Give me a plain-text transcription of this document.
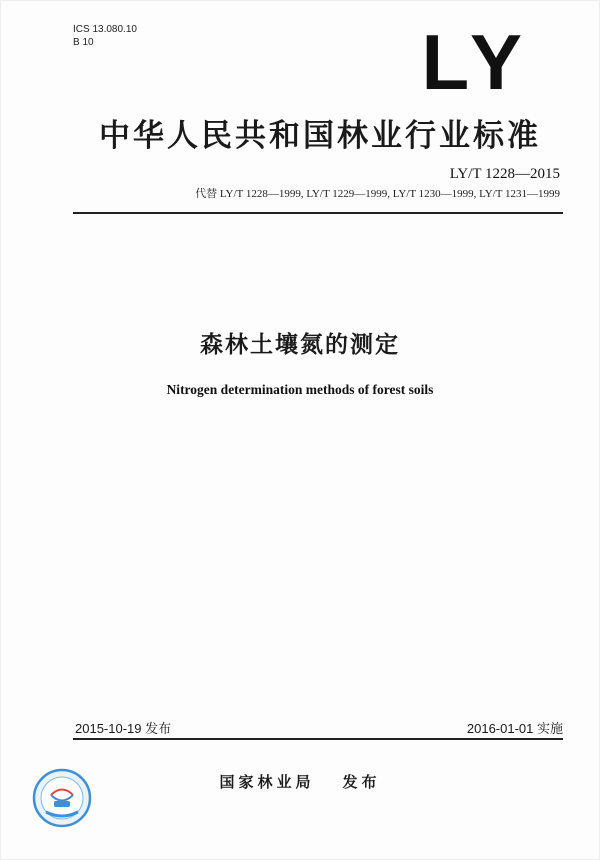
ICS 13.080.10
B 10	LY
中华人民共和国林业行业标准
LY/T 1228—2015
代替 LY/T 1228—1999, LY/T 1229—1999, LY/T 1230—1999, LY/T 1231—1999
森林土壤氮的测定
Nitrogen determination methods of forest soils
2015-10-19 发布	2016-01-01 实施
国家林业局 发布
